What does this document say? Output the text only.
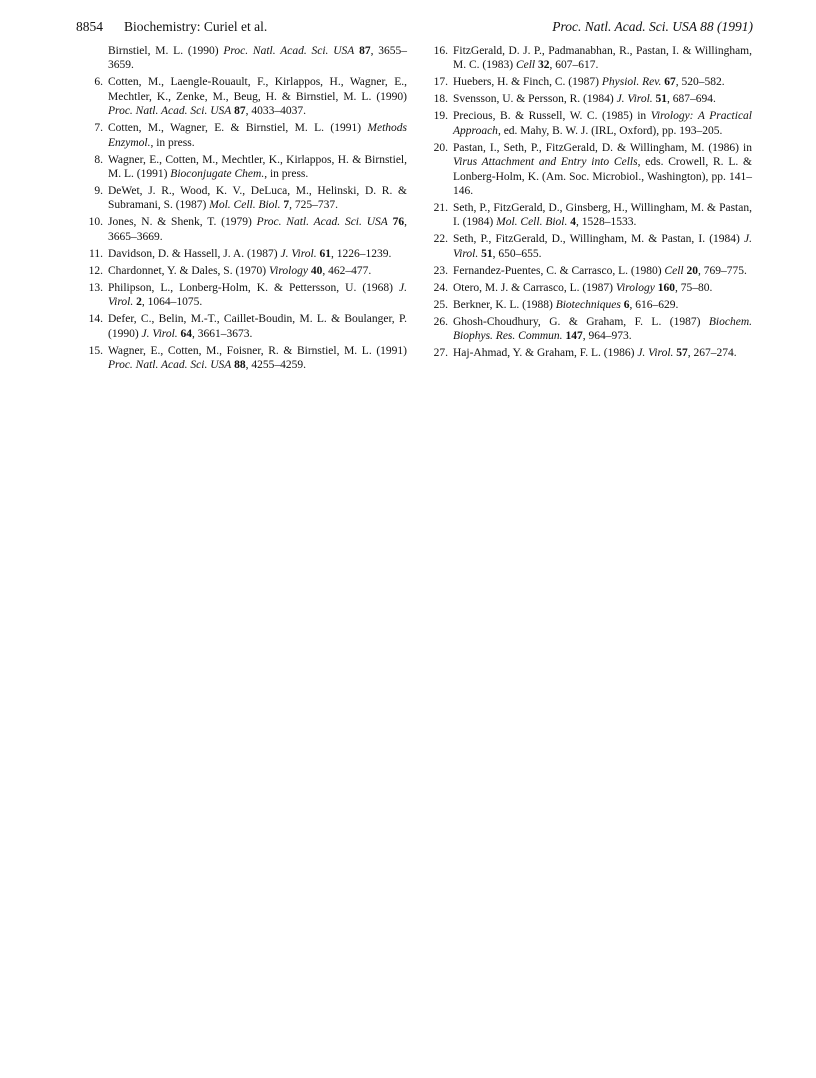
8854 Biochemistry: Curiel et al.	Proc. Natl. Acad. Sci. USA 88 (1991)
Birnstiel, M. L. (1990) Proc. Natl. Acad. Sci. USA 87, 3655–3659.
6. Cotten, M., Laengle-Rouault, F., Kirlappos, H., Wagner, E., Mechtler, K., Zenke, M., Beug, H. & Birnstiel, M. L. (1990) Proc. Natl. Acad. Sci. USA 87, 4033–4037.
7. Cotten, M., Wagner, E. & Birnstiel, M. L. (1991) Methods Enzymol., in press.
8. Wagner, E., Cotten, M., Mechtler, K., Kirlappos, H. & Birnstiel, M. L. (1991) Bioconjugate Chem., in press.
9. DeWet, J. R., Wood, K. V., DeLuca, M., Helinski, D. R. & Subramani, S. (1987) Mol. Cell. Biol. 7, 725–737.
10. Jones, N. & Shenk, T. (1979) Proc. Natl. Acad. Sci. USA 76, 3665–3669.
11. Davidson, D. & Hassell, J. A. (1987) J. Virol. 61, 1226–1239.
12. Chardonnet, Y. & Dales, S. (1970) Virology 40, 462–477.
13. Philipson, L., Lonberg-Holm, K. & Pettersson, U. (1968) J. Virol. 2, 1064–1075.
14. Defer, C., Belin, M.-T., Caillet-Boudin, M. L. & Boulanger, P. (1990) J. Virol. 64, 3661–3673.
15. Wagner, E., Cotten, M., Foisner, R. & Birnstiel, M. L. (1991) Proc. Natl. Acad. Sci. USA 88, 4255–4259.
16. FitzGerald, D. J. P., Padmanabhan, R., Pastan, I. & Willingham, M. C. (1983) Cell 32, 607–617.
17. Huebers, H. & Finch, C. (1987) Physiol. Rev. 67, 520–582.
18. Svensson, U. & Persson, R. (1984) J. Virol. 51, 687–694.
19. Precious, B. & Russell, W. C. (1985) in Virology: A Practical Approach, ed. Mahy, B. W. J. (IRL, Oxford), pp. 193–205.
20. Pastan, I., Seth, P., FitzGerald, D. & Willingham, M. (1986) in Virus Attachment and Entry into Cells, eds. Crowell, R. L. & Lonberg-Holm, K. (Am. Soc. Microbiol., Washington), pp. 141–146.
21. Seth, P., FitzGerald, D., Ginsberg, H., Willingham, M. & Pastan, I. (1984) Mol. Cell. Biol. 4, 1528–1533.
22. Seth, P., FitzGerald, D., Willingham, M. & Pastan, I. (1984) J. Virol. 51, 650–655.
23. Fernandez-Puentes, C. & Carrasco, L. (1980) Cell 20, 769–775.
24. Otero, M. J. & Carrasco, L. (1987) Virology 160, 75–80.
25. Berkner, K. L. (1988) Biotechniques 6, 616–629.
26. Ghosh-Choudhury, G. & Graham, F. L. (1987) Biochem. Biophys. Res. Commun. 147, 964–973.
27. Haj-Ahmad, Y. & Graham, F. L. (1986) J. Virol. 57, 267–274.
